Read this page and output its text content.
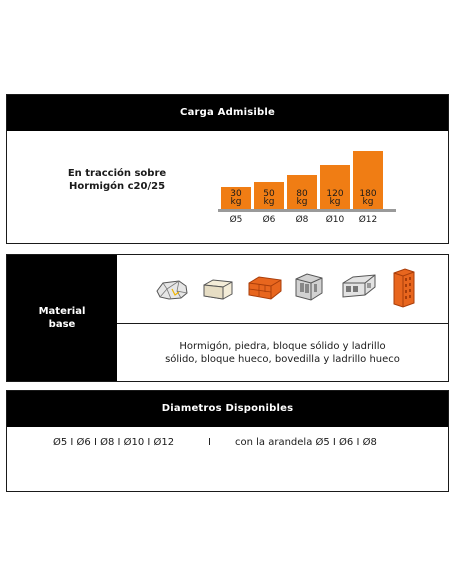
Carga Admisible
En tracción sobre
Hormigón c20/25
30
kg
Ø5
50
kg
Ø6
80
kg
Ø8
120
kg
Ø10
180
kg
Ø12
Material
base
Hormigón, piedra, bloque sólido y ladrillo
sólido, bloque hueco, bovedilla y ladrillo hueco
Diametros Disponibles
Ø5 I Ø6 I Ø8 I Ø10 I Ø12	I con la arandela Ø5 I Ø6 I Ø8
